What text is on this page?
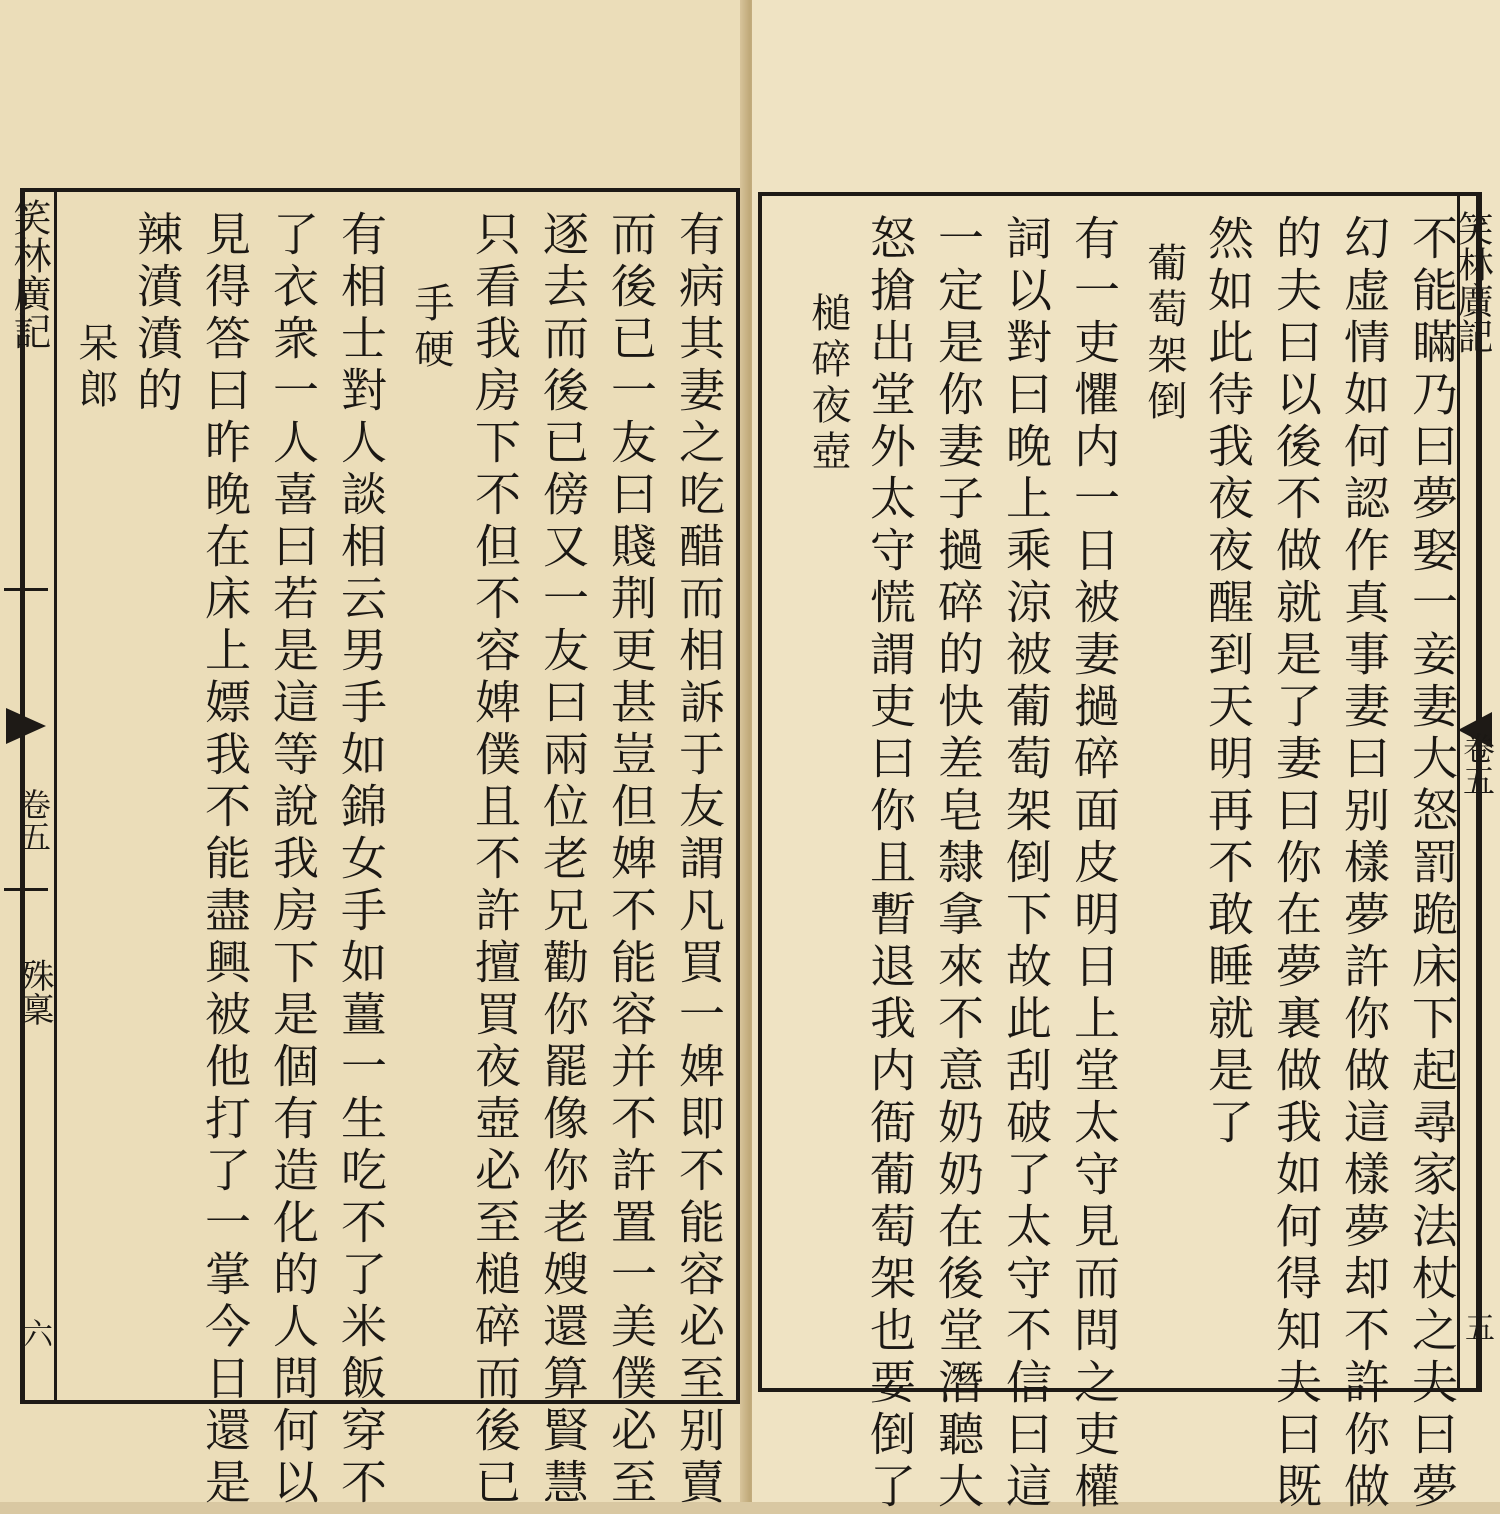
有病其妻之吃醋而相訴于友謂凡買一婢即不能容必至别賣
而後已一友曰賤荆更甚豈但婢不能容并不許置一美僕必至
逐去而後已傍又一友曰兩位老兄勸你罷像你老嫂還算賢慧
只看我房下不但不容婢僕且不許擅買夜壺必至槌碎而後已
手硬
有相士對人談相云男手如錦女手如薑一生吃不了米飯穿不
了衣衆一人喜曰若是這等說我房下是個有造化的人問何以
見得答曰昨晚在床上嫖我不能盡興被他打了一掌今日還是
辣濆濆的
呆郎
笑林廣記
卷五
殊稟
六	不能瞞乃曰夢娶一妾妻大怒罰跪床下起尋家法杖之夫曰夢
幻虚情如何認作真事妻曰别樣夢許你做這樣夢却不許你做
的夫曰以後不做就是了妻曰你在夢裏做我如何得知夫曰既
然如此待我夜夜醒到天明再不敢睡就是了
葡萄架倒
有一吏懼内一日被妻撾碎面皮明日上堂太守見而問之吏權
詞以對曰晚上乘涼被葡萄架倒下故此刮破了太守不信曰這
一定是你妻子撾碎的快差皂隸拿來不意奶奶在後堂潛聽大
怒搶出堂外太守慌謂吏曰你且暫退我内衙葡萄架也要倒了
槌碎夜壺
笑林廣記
卷五
五
